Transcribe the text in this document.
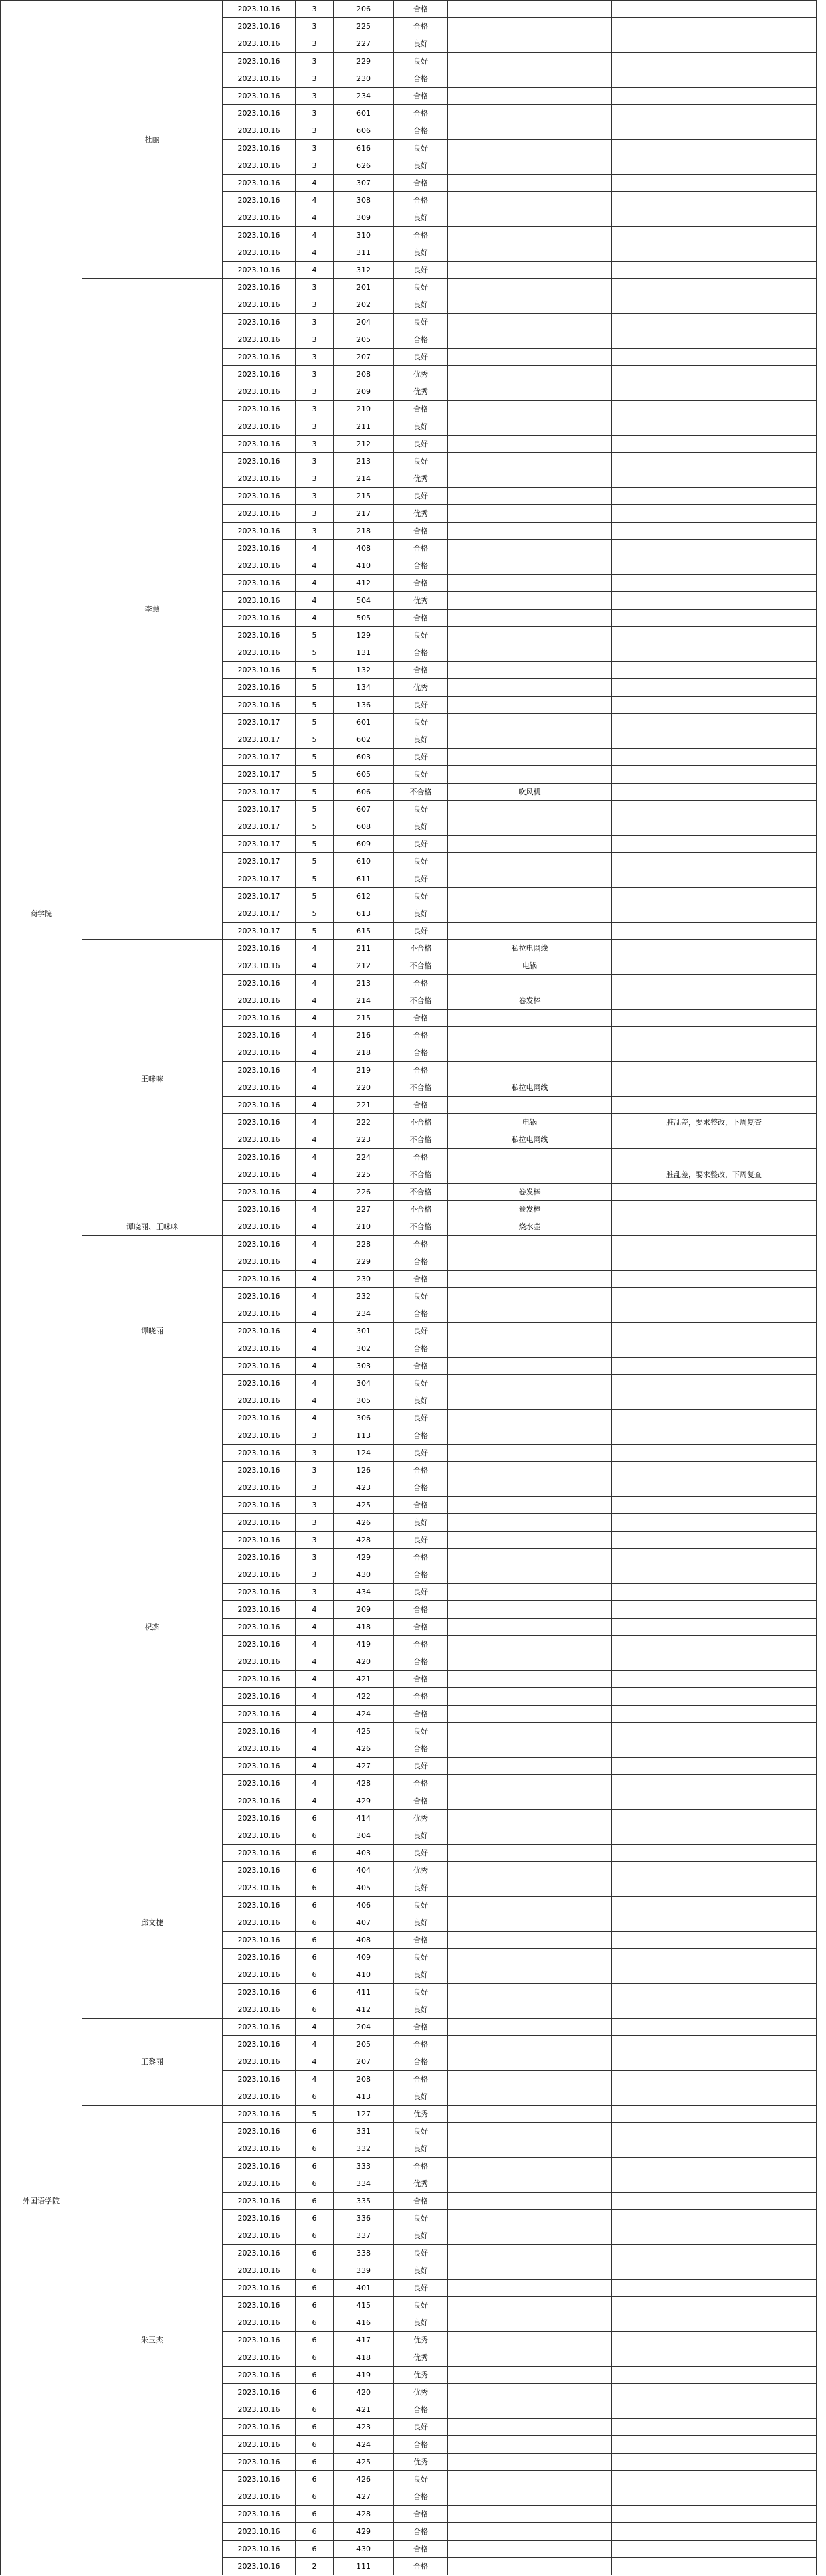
商学院	杜丽	2023.10.16	3	206	合格		
		2023.10.16	3	225	合格		
		2023.10.16	3	227	良好		
		2023.10.16	3	229	良好		
		2023.10.16	3	230	合格		
		2023.10.16	3	234	合格		
		2023.10.16	3	601	合格		
		2023.10.16	3	606	合格		
		2023.10.16	3	616	良好		
		2023.10.16	3	626	良好		
		2023.10.16	4	307	合格		
		2023.10.16	4	308	合格		
		2023.10.16	4	309	良好		
		2023.10.16	4	310	合格		
		2023.10.16	4	311	良好		
		2023.10.16	4	312	良好		
	李慧	2023.10.16	3	201	良好		
		2023.10.16	3	202	良好		
		2023.10.16	3	204	良好		
		2023.10.16	3	205	合格		
		2023.10.16	3	207	良好		
		2023.10.16	3	208	优秀		
		2023.10.16	3	209	优秀		
		2023.10.16	3	210	合格		
		2023.10.16	3	211	良好		
		2023.10.16	3	212	良好		
		2023.10.16	3	213	良好		
		2023.10.16	3	214	优秀		
		2023.10.16	3	215	良好		
		2023.10.16	3	217	优秀		
		2023.10.16	3	218	合格		
		2023.10.16	4	408	合格		
		2023.10.16	4	410	合格		
		2023.10.16	4	412	合格		
		2023.10.16	4	504	优秀		
		2023.10.16	4	505	合格		
		2023.10.16	5	129	良好		
		2023.10.16	5	131	合格		
		2023.10.16	5	132	合格		
		2023.10.16	5	134	优秀		
		2023.10.16	5	136	良好		
		2023.10.17	5	601	良好		
		2023.10.17	5	602	良好		
		2023.10.17	5	603	良好		
		2023.10.17	5	605	良好		
		2023.10.17	5	606	不合格	吹风机	
		2023.10.17	5	607	良好		
		2023.10.17	5	608	良好		
		2023.10.17	5	609	良好		
		2023.10.17	5	610	良好		
		2023.10.17	5	611	良好		
		2023.10.17	5	612	良好		
		2023.10.17	5	613	良好		
		2023.10.17	5	615	良好		
	王咪咪	2023.10.16	4	211	不合格	私拉电网线	
		2023.10.16	4	212	不合格	电锅	
		2023.10.16	4	213	合格		
		2023.10.16	4	214	不合格	卷发棒	
		2023.10.16	4	215	合格		
		2023.10.16	4	216	合格		
		2023.10.16	4	218	合格		
		2023.10.16	4	219	合格		
		2023.10.16	4	220	不合格	私拉电网线	
		2023.10.16	4	221	合格		
		2023.10.16	4	222	不合格	电锅	脏乱差，要求整改，下周复查
		2023.10.16	4	223	不合格	私拉电网线	
		2023.10.16	4	224	合格		
		2023.10.16	4	225	不合格		脏乱差，要求整改，下周复查
		2023.10.16	4	226	不合格	卷发棒	
		2023.10.16	4	227	不合格	卷发棒	
	谭晓丽、王咪咪	2023.10.16	4	210	不合格	烧水壶	
	谭晓丽	2023.10.16	4	228	合格		
		2023.10.16	4	229	合格		
		2023.10.16	4	230	合格		
		2023.10.16	4	232	良好		
		2023.10.16	4	234	合格		
		2023.10.16	4	301	良好		
		2023.10.16	4	302	合格		
		2023.10.16	4	303	合格		
		2023.10.16	4	304	良好		
		2023.10.16	4	305	良好		
		2023.10.16	4	306	良好		
	祝杰	2023.10.16	3	113	合格		
		2023.10.16	3	124	良好		
		2023.10.16	3	126	合格		
		2023.10.16	3	423	合格		
		2023.10.16	3	425	合格		
		2023.10.16	3	426	良好		
		2023.10.16	3	428	良好		
		2023.10.16	3	429	合格		
		2023.10.16	3	430	合格		
		2023.10.16	3	434	良好		
		2023.10.16	4	209	合格		
		2023.10.16	4	418	合格		
		2023.10.16	4	419	合格		
		2023.10.16	4	420	合格		
		2023.10.16	4	421	合格		
		2023.10.16	4	422	合格		
		2023.10.16	4	424	合格		
		2023.10.16	4	425	良好		
		2023.10.16	4	426	合格		
		2023.10.16	4	427	良好		
		2023.10.16	4	428	合格		
		2023.10.16	4	429	合格		
		2023.10.16	6	414	优秀		
外国语学院	邱文捷	2023.10.16	6	304	良好		
		2023.10.16	6	403	良好		
		2023.10.16	6	404	优秀		
		2023.10.16	6	405	良好		
		2023.10.16	6	406	良好		
		2023.10.16	6	407	良好		
		2023.10.16	6	408	合格		
		2023.10.16	6	409	良好		
		2023.10.16	6	410	良好		
		2023.10.16	6	411	良好		
		2023.10.16	6	412	良好		
	王黎丽	2023.10.16	4	204	合格		
		2023.10.16	4	205	合格		
		2023.10.16	4	207	合格		
		2023.10.16	4	208	合格		
		2023.10.16	6	413	良好		
	朱玉杰	2023.10.16	5	127	优秀		
		2023.10.16	6	331	良好		
		2023.10.16	6	332	良好		
		2023.10.16	6	333	合格		
		2023.10.16	6	334	优秀		
		2023.10.16	6	335	合格		
		2023.10.16	6	336	良好		
		2023.10.16	6	337	良好		
		2023.10.16	6	338	良好		
		2023.10.16	6	339	良好		
		2023.10.16	6	401	良好		
		2023.10.16	6	415	良好		
		2023.10.16	6	416	良好		
		2023.10.16	6	417	优秀		
		2023.10.16	6	418	优秀		
		2023.10.16	6	419	优秀		
		2023.10.16	6	420	优秀		
		2023.10.16	6	421	合格		
		2023.10.16	6	423	良好		
		2023.10.16	6	424	合格		
		2023.10.16	6	425	优秀		
		2023.10.16	6	426	良好		
		2023.10.16	6	427	合格		
		2023.10.16	6	428	合格		
		2023.10.16	6	429	合格		
		2023.10.16	6	430	合格		
		2023.10.16	2	111	合格		
